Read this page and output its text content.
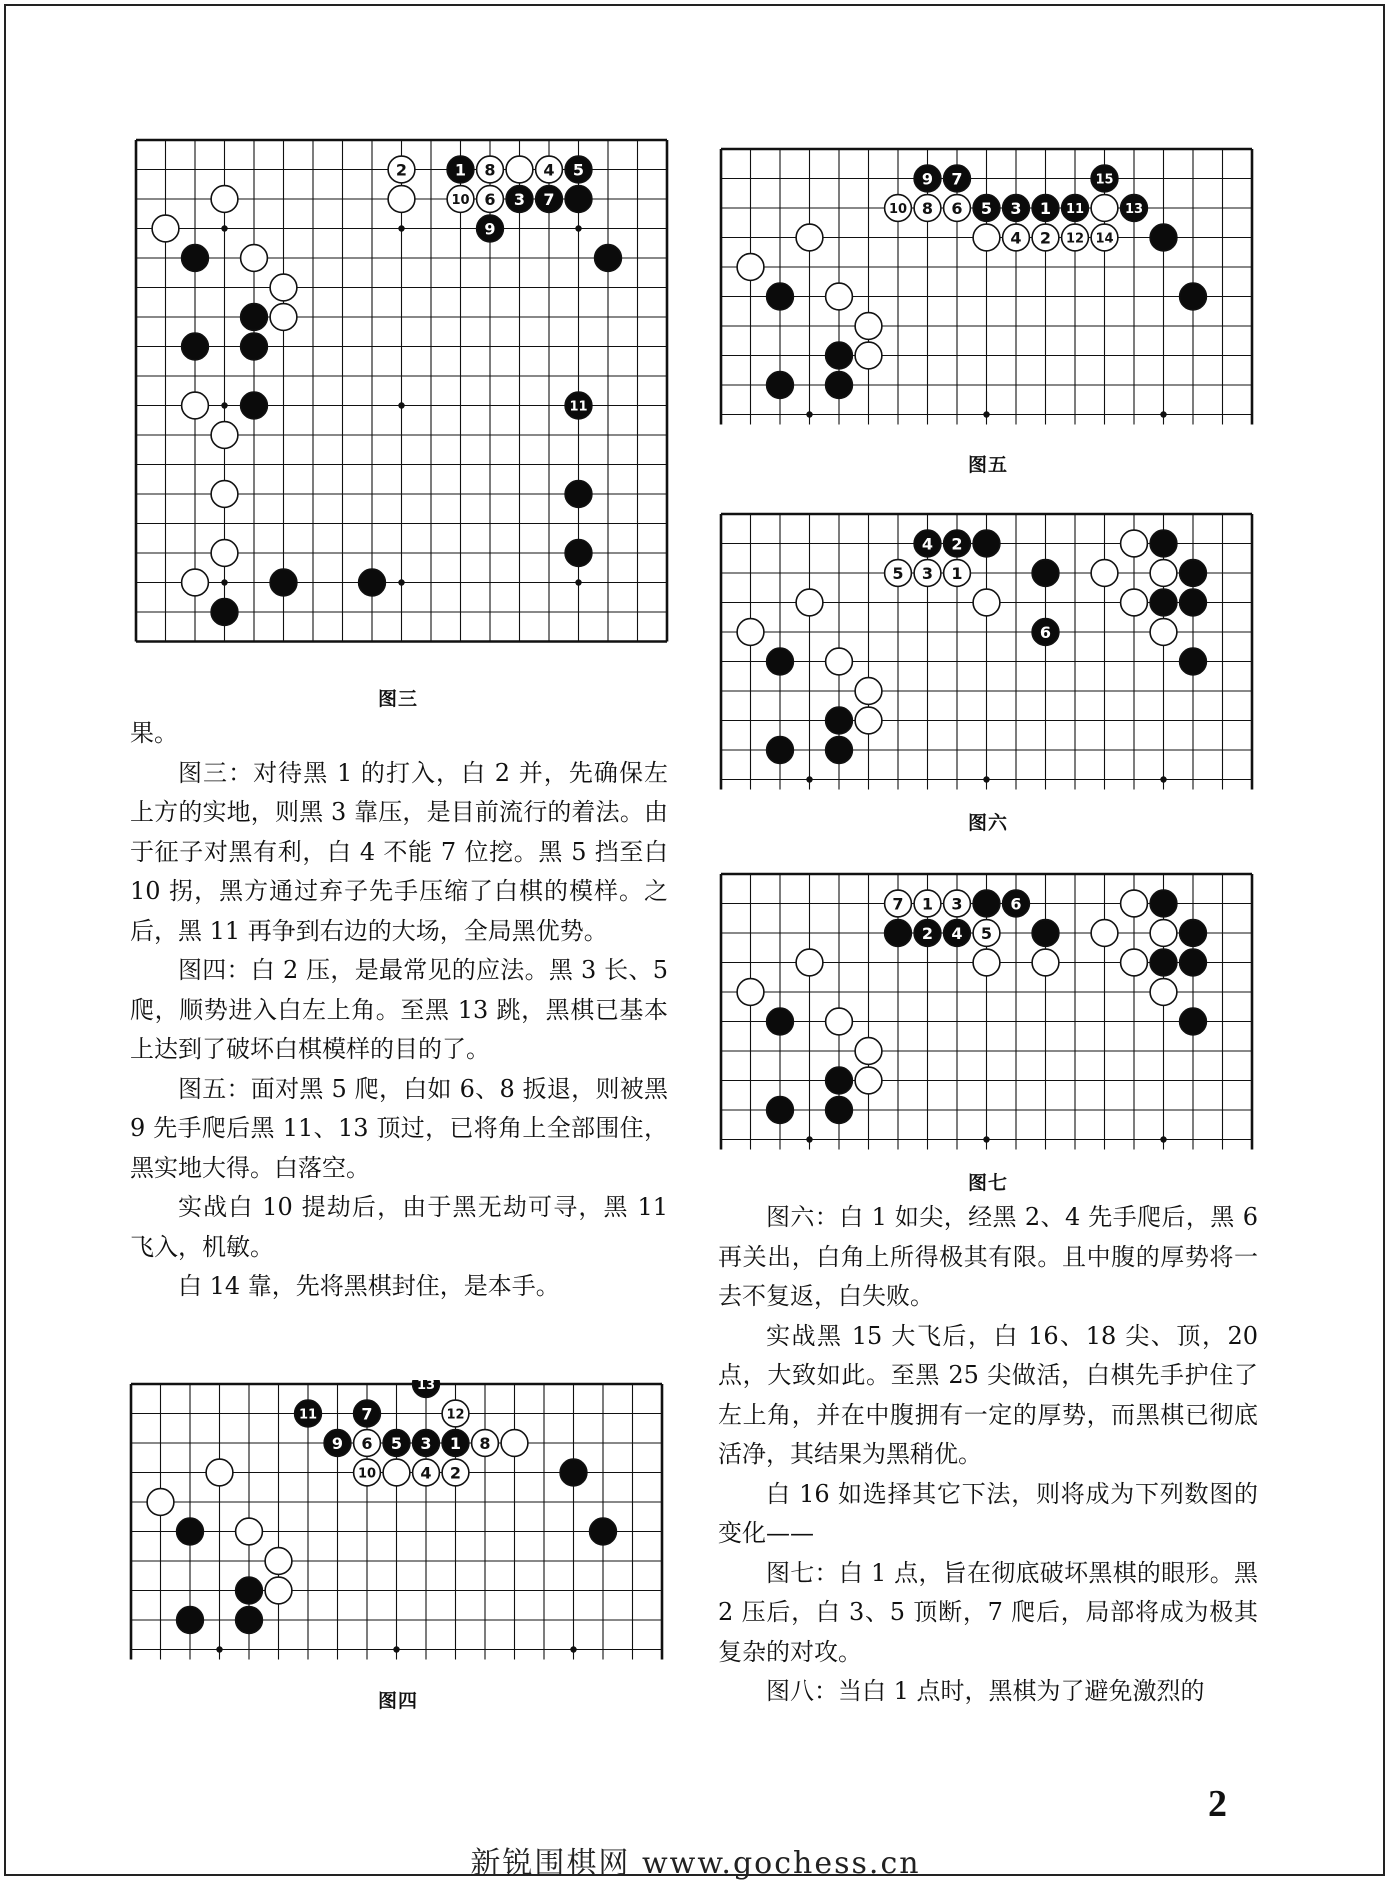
2	1 8	4 5
10 6 3 7
9
11
图三
13
11	7	12
9 6 5 3 1 8
10	4 2
图四
9 7	15
10 8 6 5 3 1 11	13
4 2 12 14
图五
4 2
5 3 1
6
图六
7 1 3	6
2 4 5
图七

果。

图三：对待黑 1 的打入，白 2 并，先确保左上方的实地，则黑 3 靠压，是目前流行的着法。由于征子对黑有利，白 4 不能 7 位挖。黑 5 挡至白 10 拐，黑方通过弃子先手压缩了白棋的模样。之后，黑 11 再争到右边的大场，全局黑优势。

图四：白 2 压，是最常见的应法。黑 3 长、5 爬，顺势进入白左上角。至黑 13 跳，黑棋已基本上达到了破坏白棋模样的目的了。

图五：面对黑 5 爬，白如 6、8 扳退，则被黑 9 先手爬后黑 11、13 顶过，已将角上全部围住，黑实地大得。白落空。

实战白 10 提劫后，由于黑无劫可寻，黑 11 飞入，机敏。

白 14 靠，先将黑棋封住，是本手。

图六：白 1 如尖，经黑 2、4 先手爬后，黑 6 再关出，白角上所得极其有限。且中腹的厚势将一去不复返，白失败。

实战黑 15 大飞后，白 16、18 尖、顶，20 点，大致如此。至黑 25 尖做活，白棋先手护住了左上角，并在中腹拥有一定的厚势，而黑棋已彻底活净，其结果为黑稍优。

白 16 如选择其它下法，则将成为下列数图的变化——

图七：白 1 点，旨在彻底破坏黑棋的眼形。黑 2 压后，白 3、5 顶断，7 爬后，局部将成为极其复杂的对攻。

图八：当白 1 点时，黑棋为了避免激烈的

2
新锐围棋网 www.gochess.cn
